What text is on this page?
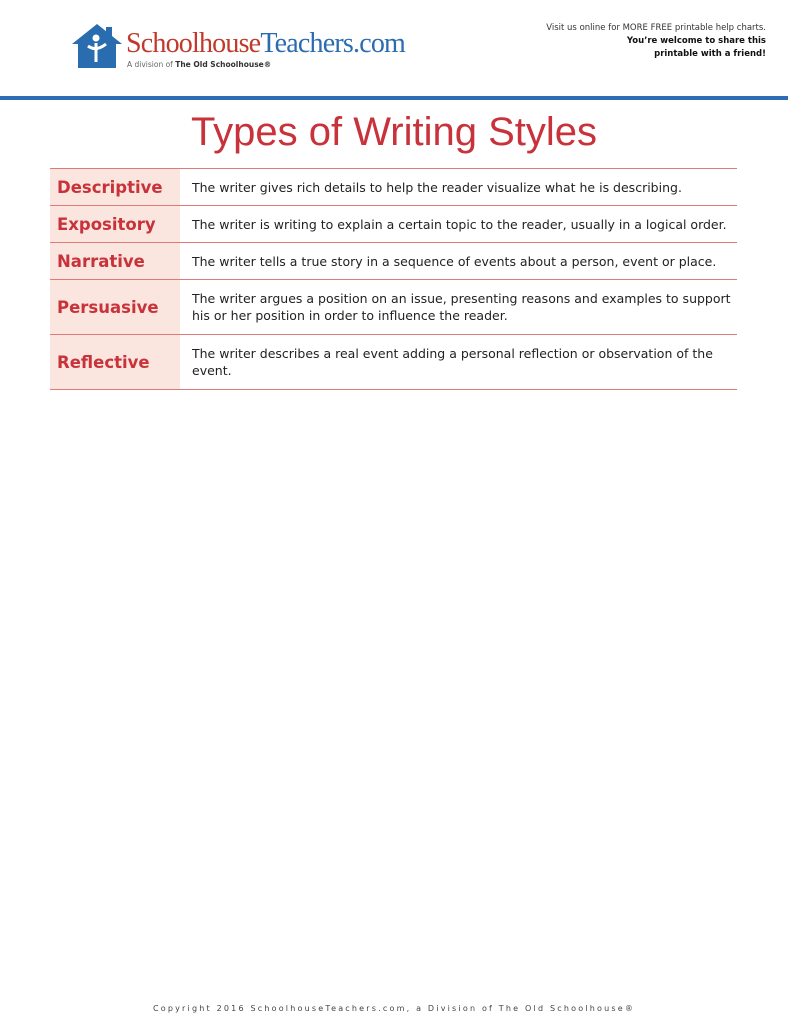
SchoolhouseTeachers.com
A division of The Old Schoolhouse®
Visit us online for MORE FREE printable help charts.
You’re welcome to share this
printable with a friend!
Types of Writing Styles
Descriptive	The writer gives rich details to help the reader visualize what he is describing.
Expository	The writer is writing to explain a certain topic to the reader, usually in a logical order.
Narrative	The writer tells a true story in a sequence of events about a person, event or place.
Persuasive	The writer argues a position on an issue, presenting reasons and examples to support his or her position in order to influence the reader.
Reflective	The writer describes a real event adding a personal reflection or observation of the event.
Copyright 2016 SchoolhouseTeachers.com, a Division of The Old Schoolhouse®
